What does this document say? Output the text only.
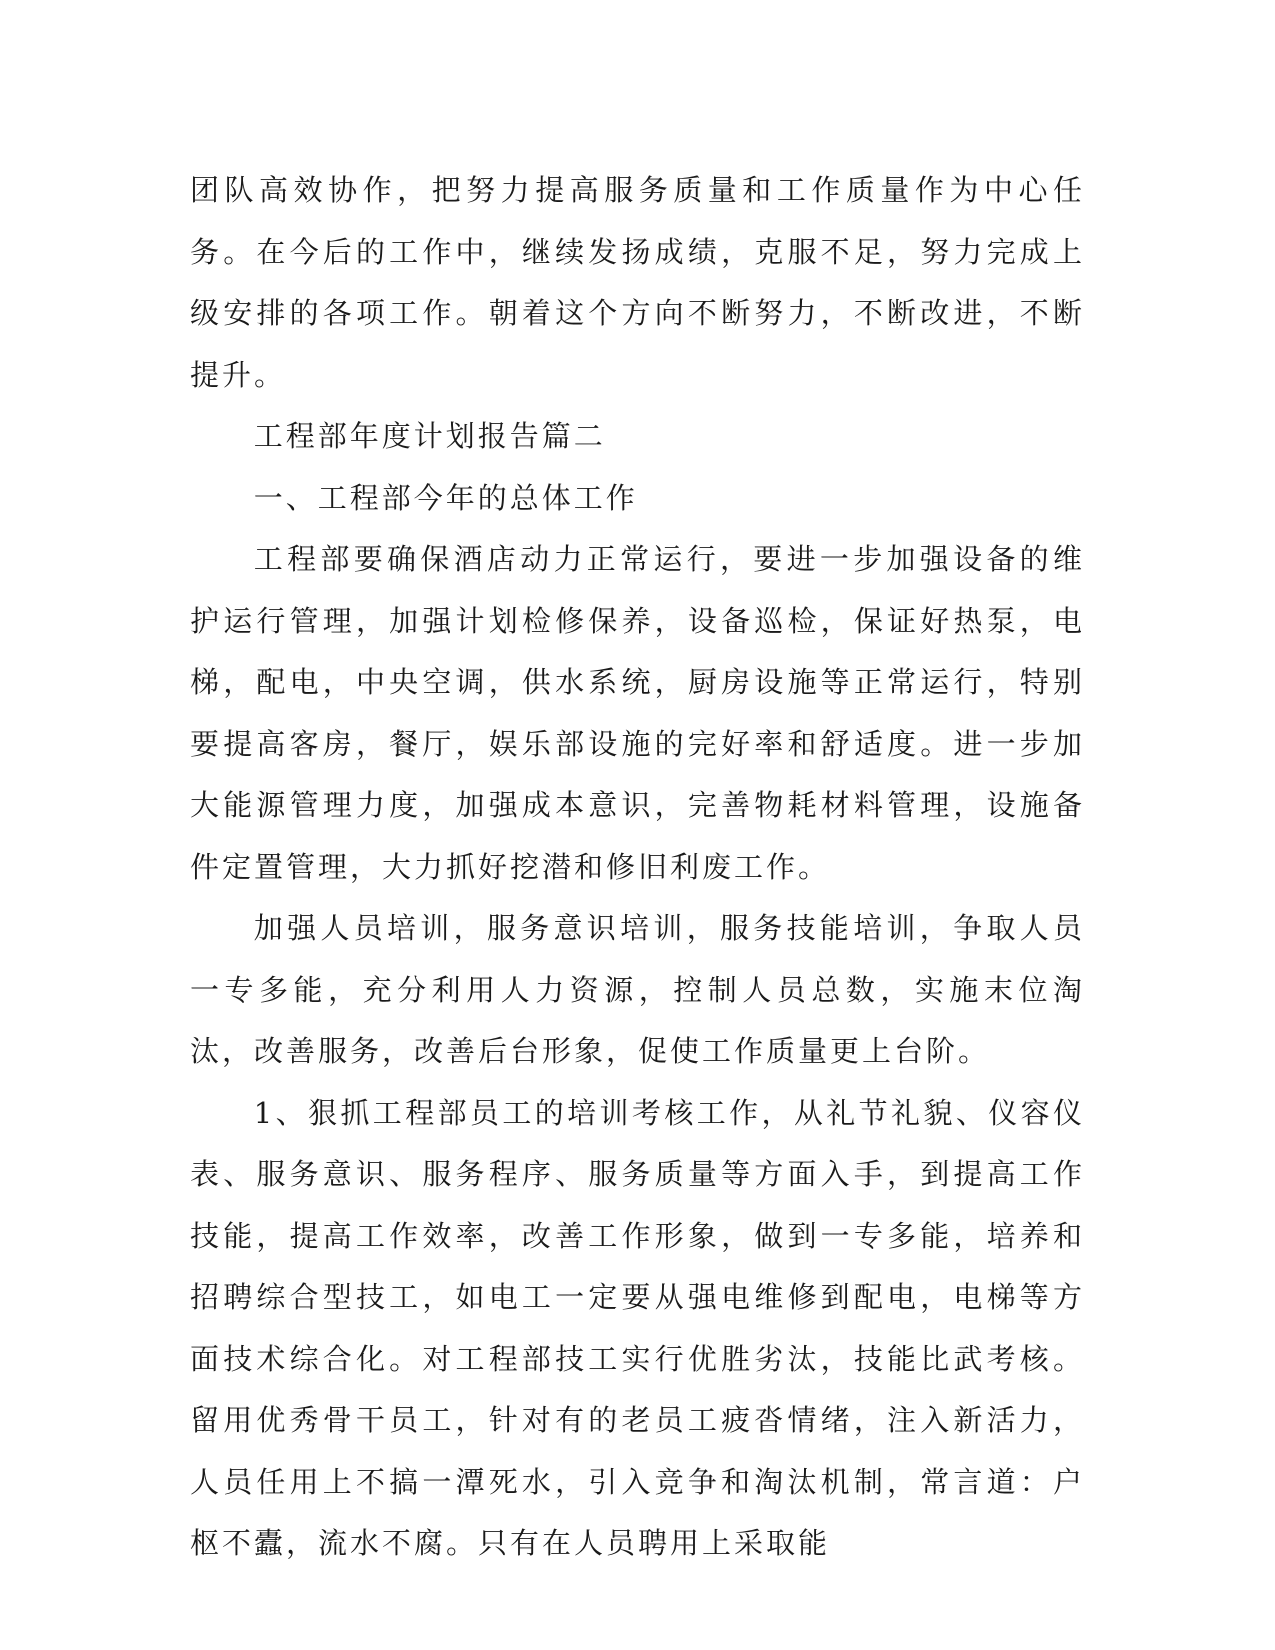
团队高效协作，把努力提高服务质量和工作质量作为中心任务。在今后的工作中，继续发扬成绩，克服不足，努力完成上级安排的各项工作。朝着这个方向不断努力，不断改进，不断提升。

工程部年度计划报告篇二

一、工程部今年的总体工作

工程部要确保酒店动力正常运行，要进一步加强设备的维护运行管理，加强计划检修保养，设备巡检，保证好热泵，电梯，配电，中央空调，供水系统，厨房设施等正常运行，特别要提高客房，餐厅，娱乐部设施的完好率和舒适度。进一步加大能源管理力度，加强成本意识，完善物耗材料管理，设施备件定置管理，大力抓好挖潜和修旧利废工作。

加强人员培训，服务意识培训，服务技能培训，争取人员一专多能，充分利用人力资源，控制人员总数，实施末位淘汰，改善服务，改善后台形象，促使工作质量更上台阶。

1、狠抓工程部员工的培训考核工作，从礼节礼貌、仪容仪表、服务意识、服务程序、服务质量等方面入手，到提高工作技能，提高工作效率，改善工作形象，做到一专多能，培养和招聘综合型技工，如电工一定要从强电维修到配电，电梯等方面技术综合化。对工程部技工实行优胜劣汰，技能比武考核。留用优秀骨干员工，针对有的老员工疲沓情绪，注入新活力，人员任用上不搞一潭死水，引入竞争和淘汰机制，常言道：户枢不蠹，流水不腐。只有在人员聘用上采取能
